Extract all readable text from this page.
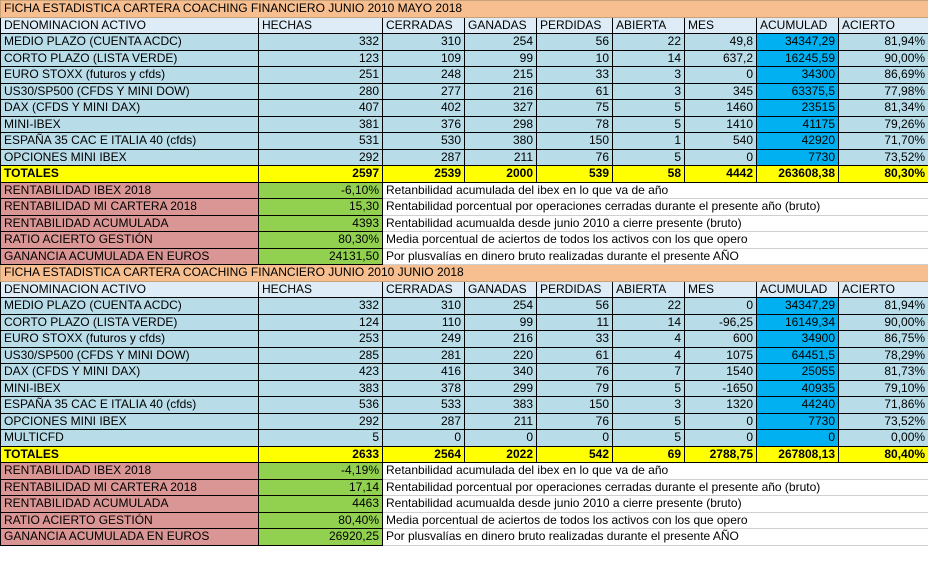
FICHA ESTADISTICA CARTERA COACHING FINANCIERO JUNIO 2010 MAYO 2018								
DENOMINACION ACTIVO	HECHAS	CERRADAS	GANADAS	PERDIDAS	ABIERTA	MES	ACUMULAD	ACIERTO
MEDIO PLAZO (CUENTA ACDC)	332	310	254	56	22	49,8	34347,29	81,94%
CORTO PLAZO (LISTA VERDE)	123	109	99	10	14	637,2	16245,59	90,00%
EURO STOXX (futuros y cfds)	251	248	215	33	3	0	34300	86,69%
US30/SP500 (CFDS Y MINI DOW)	280	277	216	61	3	345	63375,5	77,98%
DAX (CFDS Y MINI DAX)	407	402	327	75	5	1460	23515	81,34%
MINI-IBEX	381	376	298	78	5	1410	41175	79,26%
ESPAÑA 35 CAC E ITALIA 40 (cfds)	531	530	380	150	1	540	42920	71,70%
OPCIONES MINI IBEX	292	287	211	76	5	0	7730	73,52%
TOTALES	2597	2539	2000	539	58	4442	263608,38	80,30%
RENTABILIDAD IBEX 2018	-6,10%	Retanbilidad acumulada del ibex en lo que va de año						
RENTABILIDAD MI CARTERA 2018	15,30	Rentabilidad porcentual por operaciones cerradas durante el presente año (bruto)						
RENTABILIDAD ACUMULADA	4393	Rentabilidad acumualda desde junio 2010 a cierre presente (bruto)						
RATIO ACIERTO GESTIÓN	80,30%	Media porcentual de aciertos de todos los activos con los que opero						
GANANCIA ACUMULADA EN EUROS	24131,50	Por plusvalías en dinero bruto realizadas durante el presente AÑO						
FICHA ESTADISTICA CARTERA COACHING FINANCIERO JUNIO 2010 JUNIO 2018								
DENOMINACION ACTIVO	HECHAS	CERRADAS	GANADAS	PERDIDAS	ABIERTA	MES	ACUMULAD	ACIERTO
MEDIO PLAZO (CUENTA ACDC)	332	310	254	56	22	0	34347,29	81,94%
CORTO PLAZO (LISTA VERDE)	124	110	99	11	14	-96,25	16149,34	90,00%
EURO STOXX (futuros y cfds)	253	249	216	33	4	600	34900	86,75%
US30/SP500 (CFDS Y MINI DOW)	285	281	220	61	4	1075	64451,5	78,29%
DAX (CFDS Y MINI DAX)	423	416	340	76	7	1540	25055	81,73%
MINI-IBEX	383	378	299	79	5	-1650	40935	79,10%
ESPAÑA 35 CAC E ITALIA 40 (cfds)	536	533	383	150	3	1320	44240	71,86%
OPCIONES MINI IBEX	292	287	211	76	5	0	7730	73,52%
MULTICFD	5	0	0	0	5	0	0	0,00%
TOTALES	2633	2564	2022	542	69	2788,75	267808,13	80,40%
RENTABILIDAD IBEX 2018	-4,19%	Retanbilidad acumulada del ibex en lo que va de año						
RENTABILIDAD MI CARTERA 2018	17,14	Rentabilidad porcentual por operaciones cerradas durante el presente año (bruto)						
RENTABILIDAD ACUMULADA	4463	Rentabilidad acumualda desde junio 2010 a cierre presente (bruto)						
RATIO ACIERTO GESTIÓN	80,40%	Media porcentual de aciertos de todos los activos con los que opero						
GANANCIA ACUMULADA EN EUROS	26920,25	Por plusvalías en dinero bruto realizadas durante el presente AÑO						
